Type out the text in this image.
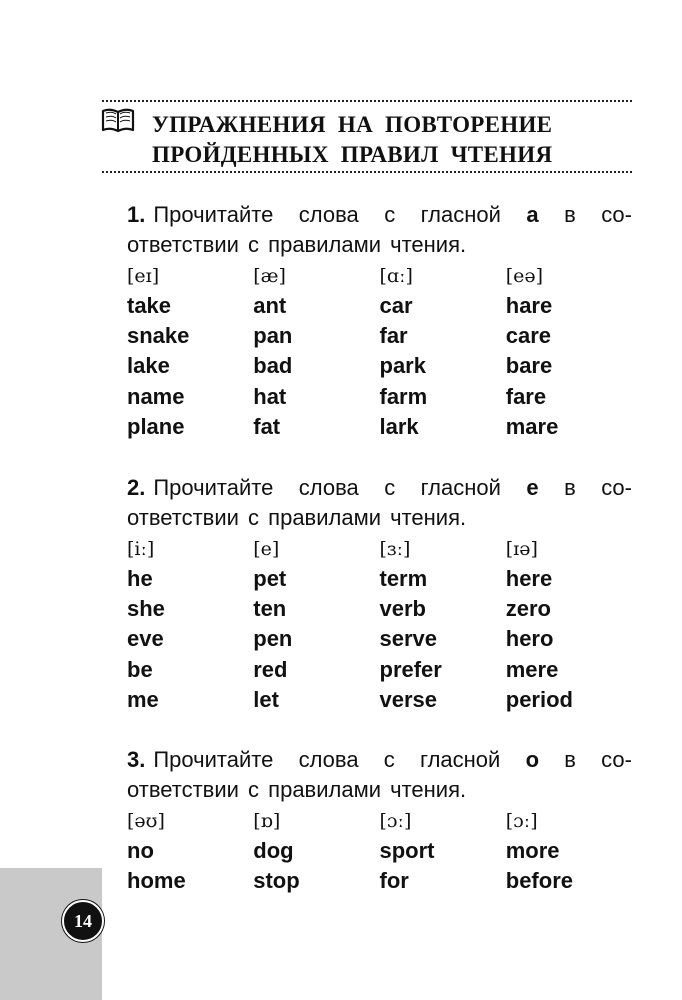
УПРАЖНЕНИЯ НА ПОВТОРЕНИЕ
ПРОЙДЕННЫХ ПРАВИЛ ЧТЕНИЯ
1. Прочитайте слова с гласной a в со-
ответствии с правилами чтения.
[eɪ]
take
snake
lake
name
plane
[æ]
ant
pan
bad
hat
fat
[ɑː]
car
far
park
farm
lark
[eə]
hare
care
bare
fare
mare
2. Прочитайте слова с гласной e в со-
ответствии с правилами чтения.
[iː]
he
she
eve
be
me
[e]
pet
ten
pen
red
let
[ɜː]
term
verb
serve
prefer
verse
[ɪə]
here
zero
hero
mere
period
3. Прочитайте слова с гласной o в со-
ответствии с правилами чтения.
[əʊ]
no
home
[ɒ]
dog
stop
[ɔː]
sport
for
[ɔː]
more
before
14
